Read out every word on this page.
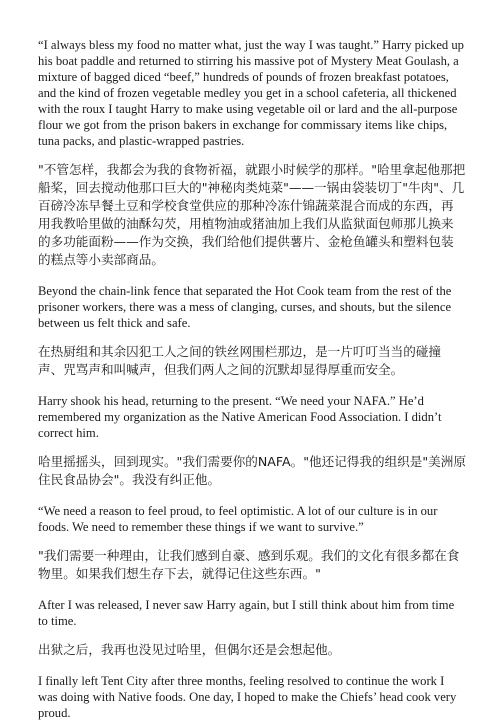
“I always bless my food no matter what, just the way I was taught.” Harry picked up his boat paddle and returned to stirring his massive pot of Mystery Meat Goulash, a mixture of bagged diced “beef,” hundreds of pounds of frozen breakfast potatoes, and the kind of frozen vegetable medley you get in a school cafeteria, all thickened with the roux I taught Harry to make using vegetable oil or lard and the all-purpose flour we got from the prison bakers in exchange for commissary items like chips, tuna packs, and plastic-wrapped pastries.

"不管怎样，我都会为我的食物祈福，就跟小时候学的那样。"哈里拿起他那把船桨，回去搅动他那口巨大的"神秘肉类炖菜"——一锅由袋装切丁"牛肉"、几百磅冷冻早餐土豆和学校食堂供应的那种冷冻什锦蔬菜混合而成的东西，再用我教哈里做的油酥勾芡，用植物油或猪油加上我们从监狱面包师那儿换来的多功能面粉——作为交换，我们给他们提供薯片、金枪鱼罐头和塑料包装的糕点等小卖部商品。

Beyond the chain-link fence that separated the Hot Cook team from the rest of the prisoner workers, there was a mess of clanging, curses, and shouts, but the silence between us felt thick and safe.

在热厨组和其余囚犯工人之间的铁丝网围栏那边，是一片叮叮当当的碰撞声、咒骂声和叫喊声，但我们两人之间的沉默却显得厚重而安全。

Harry shook his head, returning to the present. “We need your NAFA.” He’d remembered my organization as the Native American Food Association. I didn’t correct him.

哈里摇摇头，回到现实。"我们需要你的NAFA。"他还记得我的组织是"美洲原住民食品协会"。我没有纠正他。

“We need a reason to feel proud, to feel optimistic. A lot of our culture is in our foods. We need to remember these things if we want to survive.”

"我们需要一种理由，让我们感到自豪、感到乐观。我们的文化有很多都在食物里。如果我们想生存下去，就得记住这些东西。"

After I was released, I never saw Harry again, but I still think about him from time to time.

出狱之后，我再也没见过哈里，但偶尔还是会想起他。

I finally left Tent City after three months, feeling resolved to continue the work I was doing with Native foods. One day, I hoped to make the Chiefs’ head cook very proud.
